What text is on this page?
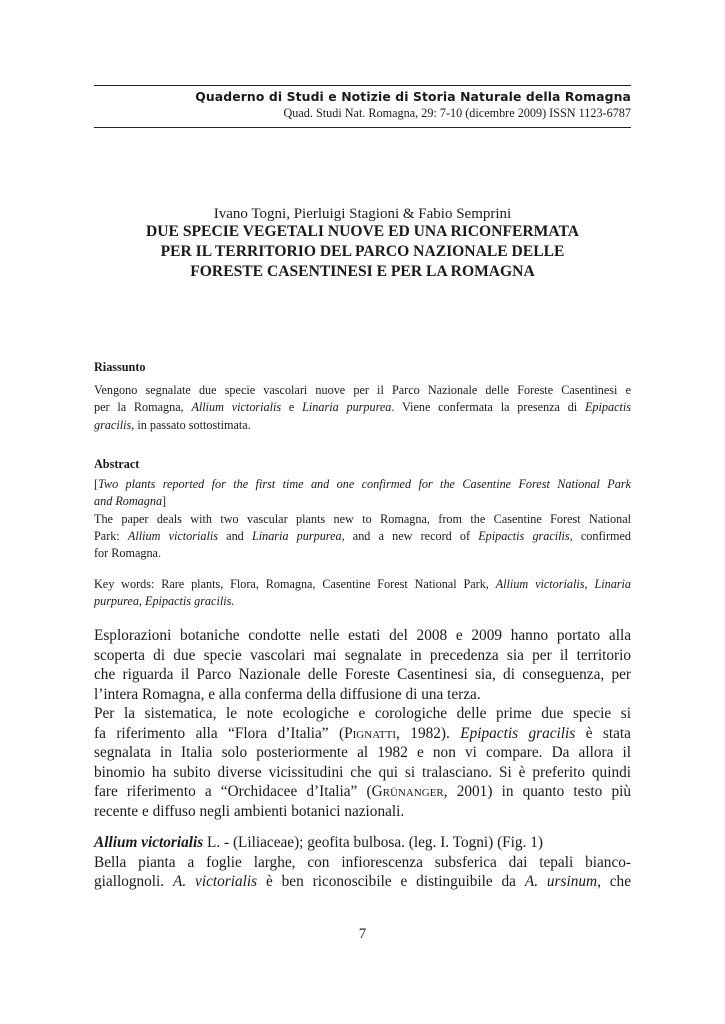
Quaderno di Studi e Notizie di Storia Naturale della Romagna
Quad. Studi Nat. Romagna, 29: 7-10 (dicembre 2009) ISSN 1123-6787
Ivano Togni, Pierluigi Stagioni & Fabio Semprini
DUE SPECIE VEGETALI NUOVE ED UNA RICONFERMATA
PER IL TERRITORIO DEL PARCO NAZIONALE DELLE
FORESTE CASENTINESI E PER LA ROMAGNA
Riassunto
Vengono segnalate due specie vascolari nuove per il Parco Nazionale delle Foreste Casentinesi e
per la Romagna, Allium victorialis e Linaria purpurea. Viene confermata la presenza di Epipactis
gracilis, in passato sottostimata.
Abstract
[Two plants reported for the first time and one confirmed for the Casentine Forest National Park
and Romagna]
The paper deals with two vascular plants new to Romagna, from the Casentine Forest National
Park: Allium victorialis and Linaria purpurea, and a new record of Epipactis gracilis, confirmed
for Romagna.
Key words: Rare plants, Flora, Romagna, Casentine Forest National Park, Allium victorialis, Linaria
purpurea, Epipactis gracilis.
Esplorazioni botaniche condotte nelle estati del 2008 e 2009 hanno portato alla
scoperta di due specie vascolari mai segnalate in precedenza sia per il territorio
che riguarda il Parco Nazionale delle Foreste Casentinesi sia, di conseguenza, per
l’intera Romagna, e alla conferma della diffusione di una terza.
Per la sistematica, le note ecologiche e corologiche delle prime due specie si
fa riferimento alla “Flora d’Italia” (Pignatti, 1982). Epipactis gracilis è stata
segnalata in Italia solo posteriormente al 1982 e non vi compare. Da allora il
binomio ha subito diverse vicissitudini che qui si tralasciano. Si è preferito quindi
fare riferimento a “Orchidacee d’Italia” (Grünanger, 2001) in quanto testo più
recente e diffuso negli ambienti botanici nazionali.
Allium victorialis L. - (Liliaceae); geofita bulbosa. (leg. I. Togni) (Fig. 1)
Bella pianta a foglie larghe, con infiorescenza subsferica dai tepali bianco-
giallognoli. A. victorialis è ben riconoscibile e distinguibile da A. ursinum, che
7
